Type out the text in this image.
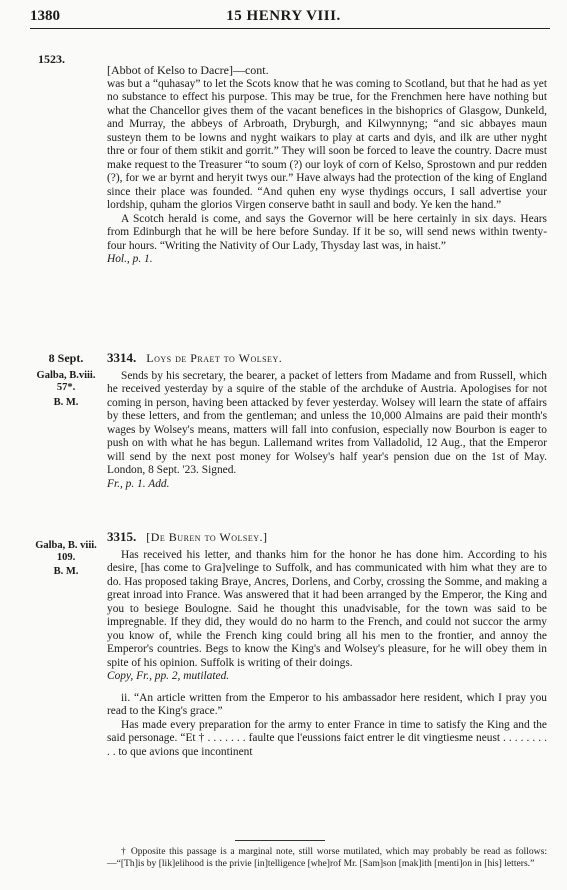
1380	15 HENRY VIII.
1523.

[Abbot of Kelso to Dacre]—cont.

was but a “quhasay” to let the Scots know that he was coming to Scotland, but that he had as yet no substance to effect his purpose. This may be true, for the Frenchmen here have nothing but what the Chancellor gives them of the vacant benefices in the bishoprics of Glasgow, Dunkeld, and Murray, the abbeys of Arbroath, Dryburgh, and Kilwynnyng; “and sic abbayes maun susteyn them to be lowns and nyght waikars to play at carts and dyis, and ilk are uther nyght thre or four of them stikit and gorrit.” They will soon be forced to leave the country. Dacre must make request to the Treasurer “to soum (?) our loyk of corn of Kelso, Sprostown and pur redden (?), for we ar byrnt and heryit twys our.” Have always had the protection of the king of England since their place was founded. “And quhen eny wyse thydings occurs, I sall advertise your lordship, quham the glorios Virgen conserve batht in saull and body. Ye ken the hand.”

A Scotch herald is come, and says the Governor will be here certainly in six days. Hears from Edinburgh that he will be here before Sunday. If it be so, will send news within twenty-four hours. “Writing the Nativity of Our Lady, Thysday last was, in haist.”

Hol., p. 1.

8 Sept.
Galba, B.viii.
57*.
B. M.
3314. Loys de Praet to Wolsey.

Sends by his secretary, the bearer, a packet of letters from Madame and from Russell, which he received yesterday by a squire of the stable of the archduke of Austria. Apologises for not coming in person, having been attacked by fever yesterday. Wolsey will learn the state of affairs by these letters, and from the gentleman; and unless the 10,000 Almains are paid their month's wages by Wolsey's means, matters will fall into confusion, especially now Bourbon is eager to push on with what he has begun. Lallemand writes from Valladolid, 12 Aug., that the Emperor will send by the next post money for Wolsey's half year's pension due on the 1st of May. London, 8 Sept. '23. Signed.

Fr., p. 1. Add.

Galba, B. viii.
109.
B. M.
3315. [De Buren to Wolsey.]

Has received his letter, and thanks him for the honor he has done him. According to his desire, [has come to Gra]velinge to Suffolk, and has communicated with him what they are to do. Has proposed taking Braye, Ancres, Dorlens, and Corby, crossing the Somme, and making a great inroad into France. Was answered that it had been arranged by the Emperor, the King and you to besiege Boulogne. Said he thought this unadvisable, for the town was said to be impregnable. If they did, they would do no harm to the French, and could not succor the army you know of, while the French king could bring all his men to the frontier, and annoy the Emperor's countries. Begs to know the King's and Wolsey's pleasure, for he will obey them in spite of his opinion. Suffolk is writing of their doings.

Copy, Fr., pp. 2, mutilated.

ii. “An article written from the Emperor to his ambassador here resident, which I pray you read to the King's grace.”

Has made every preparation for the army to enter France in time to satisfy the King and the said personage. “Et † . . . . . . . faulte que l'eussions faict entrer le dit vingtiesme neust . . . . . . . . . . to que avions que incontinent

† Opposite this passage is a marginal note, still worse mutilated, which may probably be read as follows:—“[Th]is by [lik]elihood is the privie [in]telligence [whe]rof Mr. [Sam]son [mak]ith [menti]on in [his] letters.”
